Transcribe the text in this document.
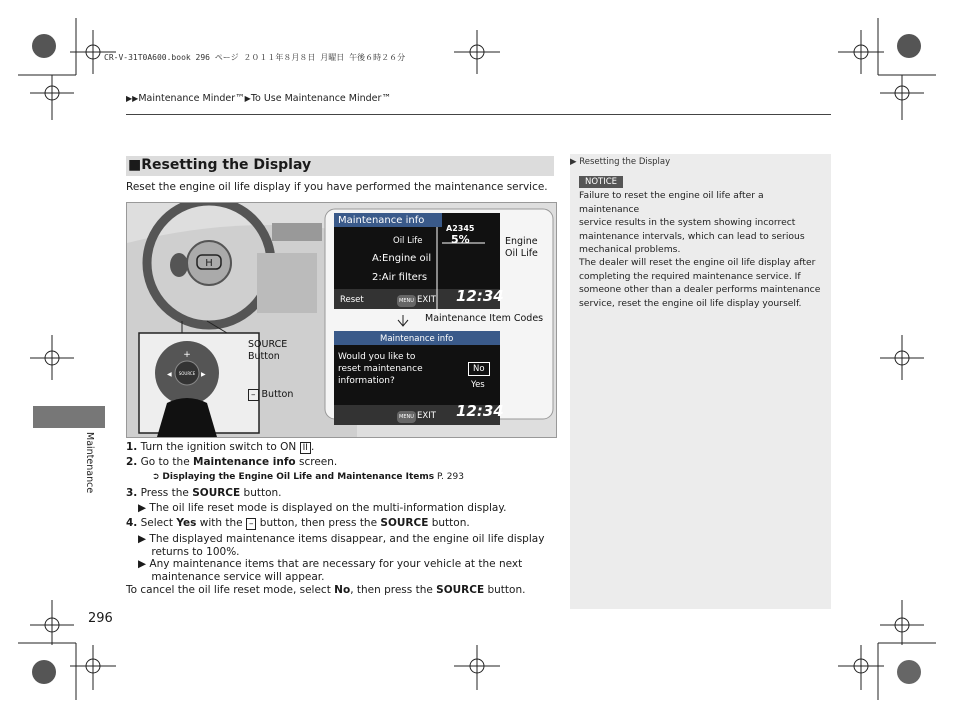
CR-V-31T0A600.book 296 ページ ２０１１年８月８日 月曜日 午後６時２６分
▶▶Maintenance Minder™▶To Use Maintenance Minder™
■Resetting the Display
Reset the engine oil life display if you have performed the maintenance service.
H
SOURCE
+
◀	▶
Maintenance info
A2345
Oil Life	5%
A:Engine oil
2:Air filters
Reset	MENU EXIT 12:34
Engine
Oil Life
Maintenance Item Codes
Maintenance info
Would you like to
reset maintenance
information?
No
Yes
MENU EXIT 12:34
SOURCE
Button
– Button
1. Turn the ignition switch to ON II .
2. Go to the Maintenance info screen.
➲ Displaying the Engine Oil Life and Maintenance Items P. 293
3. Press the SOURCE button.
▶ The oil life reset mode is displayed on the multi-information display.
4. Select Yes with the – button, then press the SOURCE button.
▶ The displayed maintenance items disappear, and the engine oil life display
returns to 100%.
▶ Any maintenance items that are necessary for your vehicle at the next
maintenance service will appear.
To cancel the oil life reset mode, select No, then press the SOURCE button.
▶ Resetting the Display
NOTICE
Failure to reset the engine oil life after a maintenance
service results in the system showing incorrect
maintenance intervals, which can lead to serious
mechanical problems.
The dealer will reset the engine oil life display after
completing the required maintenance service. If
someone other than a dealer performs maintenance
service, reset the engine oil life display yourself.
Maintenance
296
